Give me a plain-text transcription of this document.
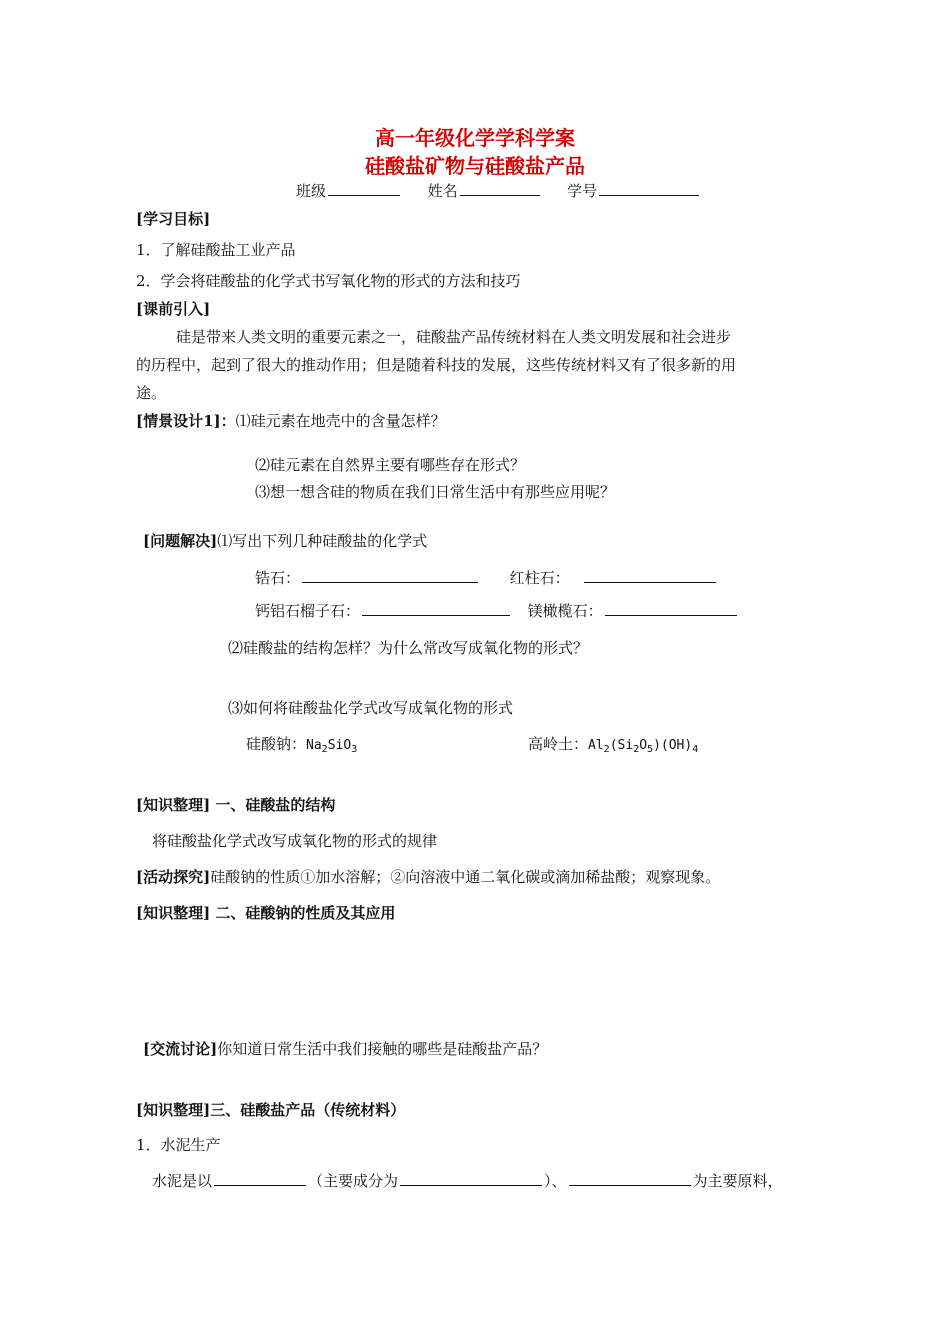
高一年级化学学科学案
硅酸盐矿物与硅酸盐产品
班级	姓名	学号
[学习目标]
1．了解硅酸盐工业产品
2．学会将硅酸盐的化学式书写氧化物的形式的方法和技巧
[课前引入]
硅是带来人类文明的重要元素之一，硅酸盐产品传统材料在人类文明发展和社会进步
的历程中，起到了很大的推动作用；但是随着科技的发展，这些传统材料又有了很多新的用
途。
[情景设计1]：⑴硅元素在地壳中的含量怎样？
⑵硅元素在自然界主要有哪些存在形式？
⑶想一想含硅的物质在我们日常生活中有那些应用呢？
[问题解决]⑴写出下列几种硅酸盐的化学式
锆石：	红柱石：
钙铝石榴子石：	镁橄榄石：
⑵硅酸盐的结构怎样？为什么常改写成氧化物的形式？
⑶如何将硅酸盐化学式改写成氧化物的形式
硅酸钠：$Na_2SiO_3$	高岭土：$Al_2(Si_2O_5)(OH)_4$
[知识整理] 一、硅酸盐的结构
将硅酸盐化学式改写成氧化物的形式的规律
[活动探究]硅酸钠的性质①加水溶解；②向溶液中通二氧化碳或滴加稀盐酸；观察现象。
[知识整理] 二、硅酸钠的性质及其应用
[交流讨论]你知道日常生活中我们接触的哪些是硅酸盐产品？
[知识整理]三、硅酸盐产品（传统材料）
1．水泥生产
水泥是以	（主要成分为	）、	为主要原料，
